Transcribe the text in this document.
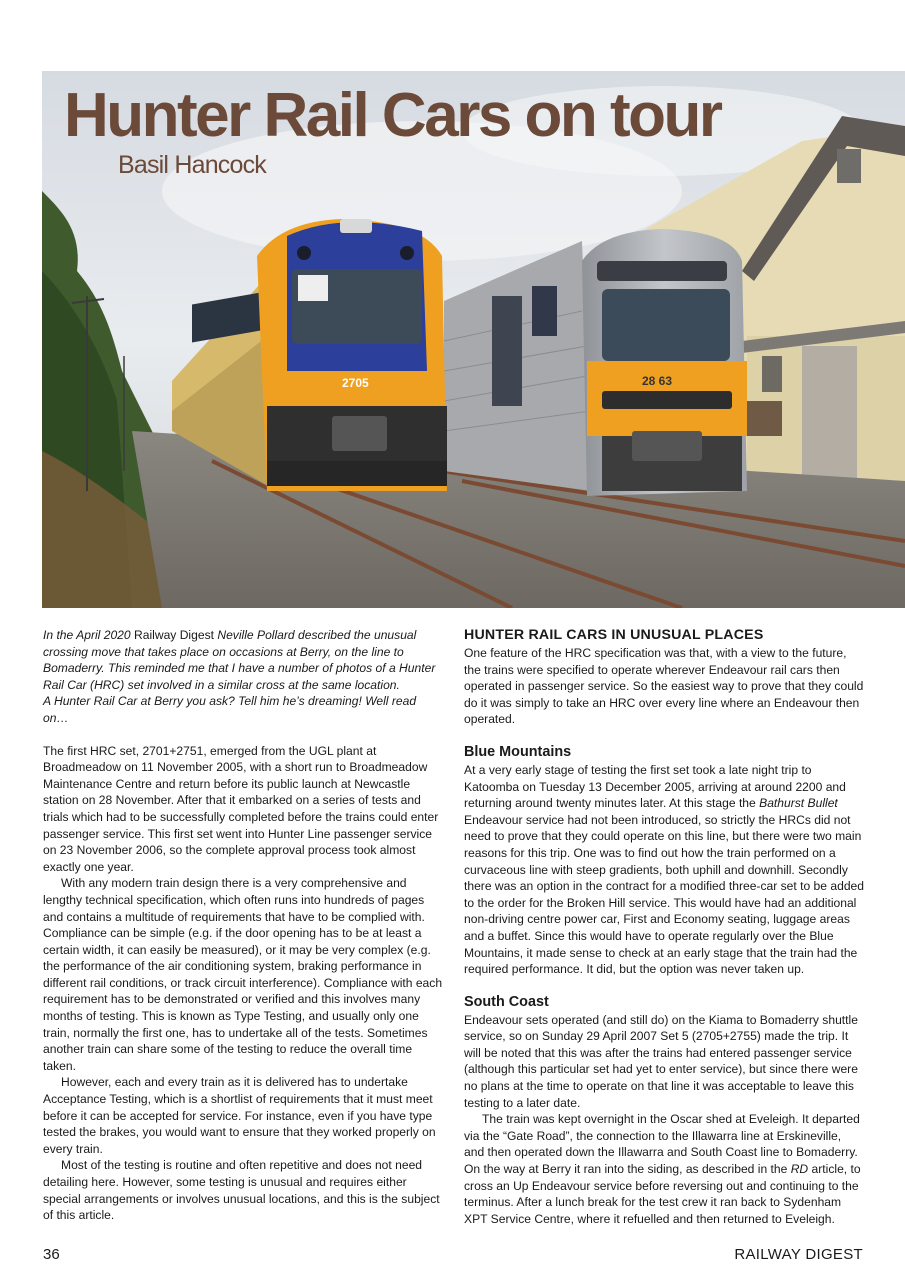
28 63
2705
Hunter Rail Cars on tour
Basil Hancock

In the April 2020 Railway Digest Neville Pollard described the unusual crossing move that takes place on occasions at Berry, on the line to Bomaderry. This reminded me that I have a number of photos of a Hunter Rail Car (HRC) set involved in a similar cross at the same location.
A Hunter Rail Car at Berry you ask? Tell him he’s dreaming! Well read on…

The first HRC set, 2701+2751, emerged from the UGL plant at Broadmeadow on 11 November 2005, with a short run to Broadmeadow Maintenance Centre and return before its public launch at Newcastle station on 28 November. After that it embarked on a series of tests and trials which had to be successfully completed before the trains could enter passenger service. This first set went into Hunter Line passenger service on 23 November 2006, so the complete approval process took almost exactly one year.

With any modern train design there is a very comprehensive and lengthy technical specification, which often runs into hundreds of pages and contains a multitude of requirements that have to be complied with. Compliance can be simple (e.g. if the door opening has to be at least a certain width, it can easily be measured), or it may be very complex (e.g. the performance of the air conditioning system, braking performance in different rail conditions, or track circuit interference). Compliance with each requirement has to be demonstrated or verified and this involves many months of testing. This is known as Type Testing, and usually only one train, normally the first one, has to undertake all of the tests. Sometimes another train can share some of the testing to reduce the overall time taken.

However, each and every train as it is delivered has to undertake Acceptance Testing, which is a shortlist of requirements that it must meet before it can be accepted for service. For instance, even if you have type tested the brakes, you would want to ensure that they worked properly on every train.

Most of the testing is routine and often repetitive and does not need detailing here. However, some testing is unusual and requires either special arrangements or involves unusual locations, and this is the subject of this article.

HUNTER RAIL CARS IN UNUSUAL PLACES

One feature of the HRC specification was that, with a view to the future, the trains were specified to operate wherever Endeavour rail cars then operated in passenger service. So the easiest way to prove that they could do it was simply to take an HRC over every line where an Endeavour then operated.

Blue Mountains

At a very early stage of testing the first set took a late night trip to Katoomba on Tuesday 13 December 2005, arriving at around 2200 and returning around twenty minutes later. At this stage the Bathurst Bullet Endeavour service had not been introduced, so strictly the HRCs did not need to prove that they could operate on this line, but there were two main reasons for this trip. One was to find out how the train performed on a curvaceous line with steep gradients, both uphill and downhill. Secondly there was an option in the contract for a modified three-car set to be added to the order for the Broken Hill service. This would have had an additional non-driving centre power car, First and Economy seating, luggage areas and a buffet. Since this would have to operate regularly over the Blue Mountains, it made sense to check at an early stage that the train had the required performance. It did, but the option was never taken up.

South Coast

Endeavour sets operated (and still do) on the Kiama to Bomaderry shuttle service, so on Sunday 29 April 2007 Set 5 (2705+2755) made the trip. It will be noted that this was after the trains had entered passenger service (although this particular set had yet to enter service), but since there were no plans at the time to operate on that line it was acceptable to leave this testing to a later date.

The train was kept overnight in the Oscar shed at Eveleigh. It departed via the “Gate Road”, the connection to the Illawarra line at Erskineville, and then operated down the Illawarra and South Coast line to Bomaderry. On the way at Berry it ran into the siding, as described in the RD article, to cross an Up Endeavour service before reversing out and continuing to the terminus. After a lunch break for the test crew it ran back to Sydenham XPT Service Centre, where it refuelled and then returned to Eveleigh.

36	RAILWAY DIGEST
